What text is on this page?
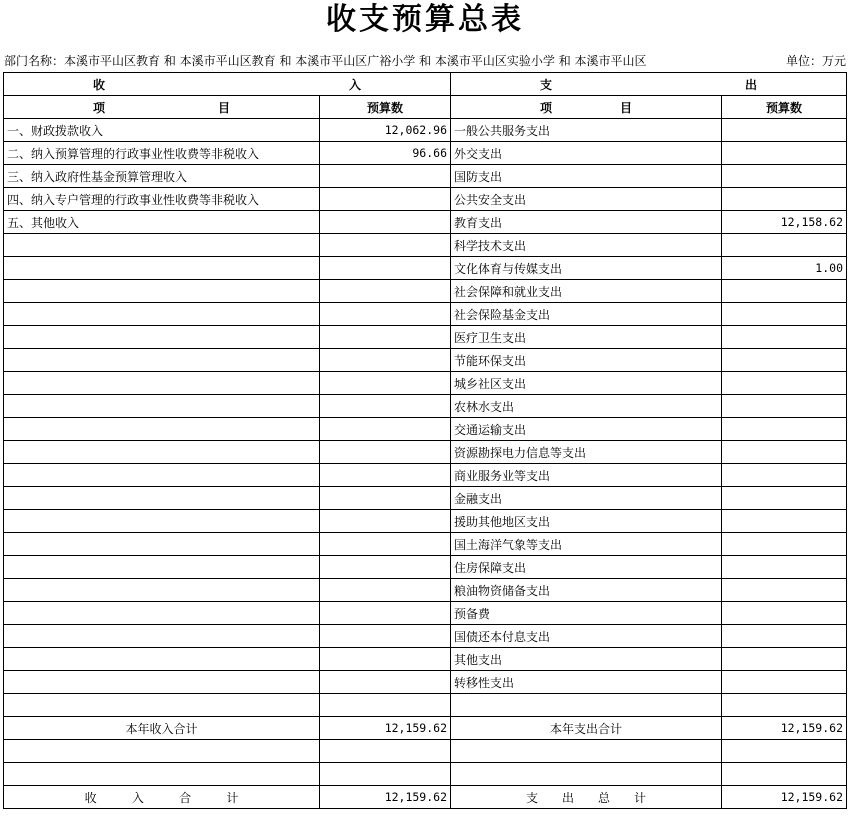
收支预算总表
部门名称：本溪市平山区教育 和 本溪市平山区教育 和 本溪市平山区广裕小学 和 本溪市平山区实验小学 和 本溪市平山区	单位：万元
收 入		支 出	

项 目	预算数	项 目	预算数
一、财政拨款收入	12,062.96	一般公共服务支出	
二、纳入预算管理的行政事业性收费等非税收入	96.66	外交支出	
三、纳入政府性基金预算管理收入		国防支出	
四、纳入专户管理的行政事业性收费等非税收入		公共安全支出	
五、其他收入		教育支出	12,158.62
		科学技术支出	
		文化体育与传媒支出	1.00
		社会保障和就业支出	
		社会保险基金支出	
		医疗卫生支出	
		节能环保支出	
		城乡社区支出	
		农林水支出	
		交通运输支出	
		资源勘探电力信息等支出	
		商业服务业等支出	
		金融支出	
		援助其他地区支出	
		国土海洋气象等支出	
		住房保障支出	
		粮油物资储备支出	
		预备费	
		国债还本付息支出	
		其他支出	
		转移性支出	

本年收入合计	12,159.62	本年支出合计	12,159.62

收 入 合 计	12,159.62	支 出 总 计	12,159.62
